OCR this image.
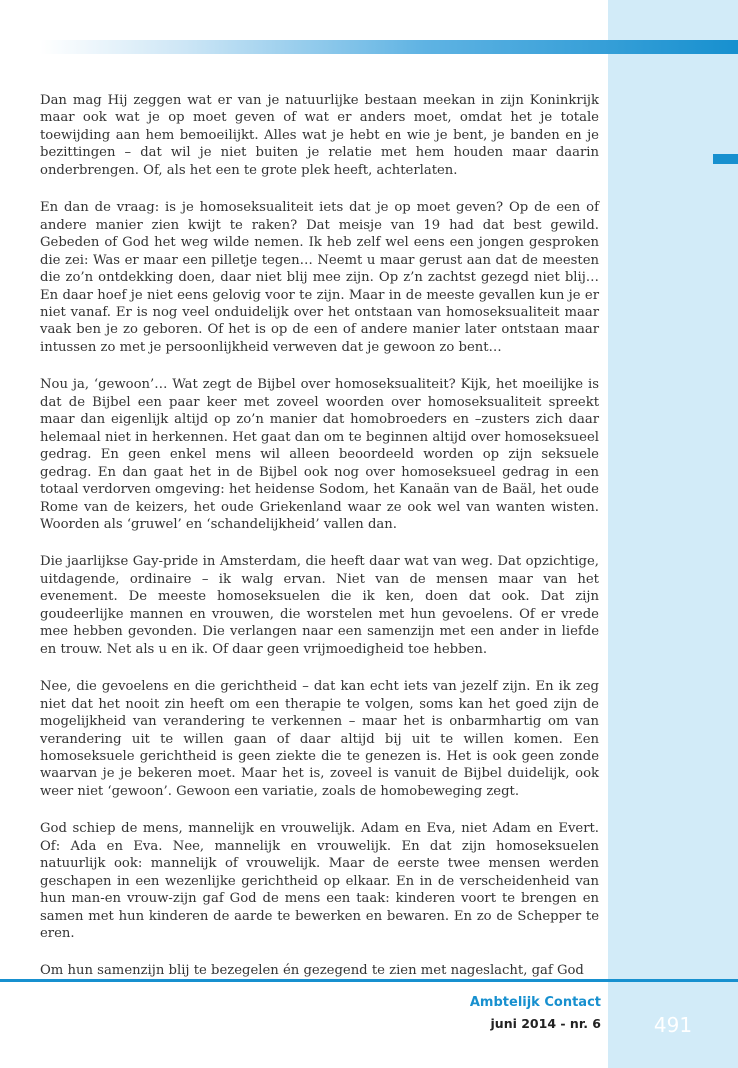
Dan mag Hij zeggen wat er van je natuurlijke bestaan meekan in zijn Koninkrijk maar ook wat je op moet geven of wat er anders moet, omdat het je totale toewijding aan hem bemoeilijkt. Alles wat je hebt en wie je bent, je banden en je bezittingen – dat wil je niet buiten je relatie met hem houden maar daarin onderbrengen. Of, als het een te grote plek heeft, achterlaten.

En dan de vraag: is je homoseksualiteit iets dat je op moet geven? Op de een of andere manier zien kwijt te raken? Dat meisje van 19 had dat best gewild. Gebeden of God het weg wilde nemen. Ik heb zelf wel eens een jongen gesproken die zei: Was er maar een pilletje tegen… Neemt u maar gerust aan dat de meesten die zo’n ontdekking doen, daar niet blij mee zijn. Op z’n zachtst gezegd niet blij… En daar hoef je niet eens gelovig voor te zijn. Maar in de meeste gevallen kun je er niet vanaf. Er is nog veel onduidelijk over het ontstaan van homoseksualiteit maar vaak ben je zo geboren. Of het is op de een of andere manier later ontstaan maar intussen zo met je persoonlijkheid verweven dat je gewoon zo bent…

Nou ja, ‘gewoon’… Wat zegt de Bijbel over homoseksualiteit? Kijk, het moeilijke is dat de Bijbel een paar keer met zoveel woorden over homoseksualiteit spreekt maar dan eigenlijk altijd op zo’n manier dat homobroeders en –zusters zich daar helemaal niet in herkennen. Het gaat dan om te beginnen altijd over homoseksueel gedrag. En geen enkel mens wil alleen beoordeeld worden op zijn seksuele gedrag. En dan gaat het in de Bijbel ook nog over homoseksueel gedrag in een totaal verdorven omgeving: het heidense Sodom, het Kanaän van de Baäl, het oude Rome van de keizers, het oude Griekenland waar ze ook wel van wanten wisten. Woorden als ‘gruwel’ en ‘schandelijkheid’ vallen dan.

Die jaarlijkse Gay-pride in Amsterdam, die heeft daar wat van weg. Dat opzichtige, uitdagende, ordinaire – ik walg ervan. Niet van de mensen maar van het evenement. De meeste homoseksuelen die ik ken, doen dat ook. Dat zijn goudeerlijke mannen en vrouwen, die worstelen met hun gevoelens. Of er vrede mee hebben gevonden. Die verlangen naar een samenzijn met een ander in liefde en trouw. Net als u en ik. Of daar geen vrijmoedigheid toe hebben.

Nee, die gevoelens en die gerichtheid – dat kan echt iets van jezelf zijn. En ik zeg niet dat het nooit zin heeft om een therapie te volgen, soms kan het goed zijn de mogelijkheid van verandering te verkennen – maar het is onbarmhartig om van verandering uit te willen gaan of daar altijd bij uit te willen komen. Een homoseksuele gerichtheid is geen ziekte die te genezen is. Het is ook geen zonde waarvan je je bekeren moet. Maar het is, zoveel is vanuit de Bijbel duidelijk, ook weer niet ‘gewoon’. Gewoon een variatie, zoals de homobeweging zegt.

God schiep de mens, mannelijk en vrouwelijk. Adam en Eva, niet Adam en Evert. Of: Ada en Eva. Nee, mannelijk en vrouwelijk. En dat zijn homoseksuelen natuurlijk ook: mannelijk of vrouwelijk. Maar de eerste twee mensen werden geschapen in een wezenlijke gerichtheid op elkaar. En in de verscheidenheid van hun man-en vrouw-zijn gaf God de mens een taak: kinderen voort te brengen en samen met hun kinderen de aarde te bewerken en bewaren. En zo de Schepper te eren.

Om hun samenzijn blij te bezegelen én gezegend te zien met nageslacht, gaf God

Ambtelijk Contact
juni 2014 - nr. 6	491
